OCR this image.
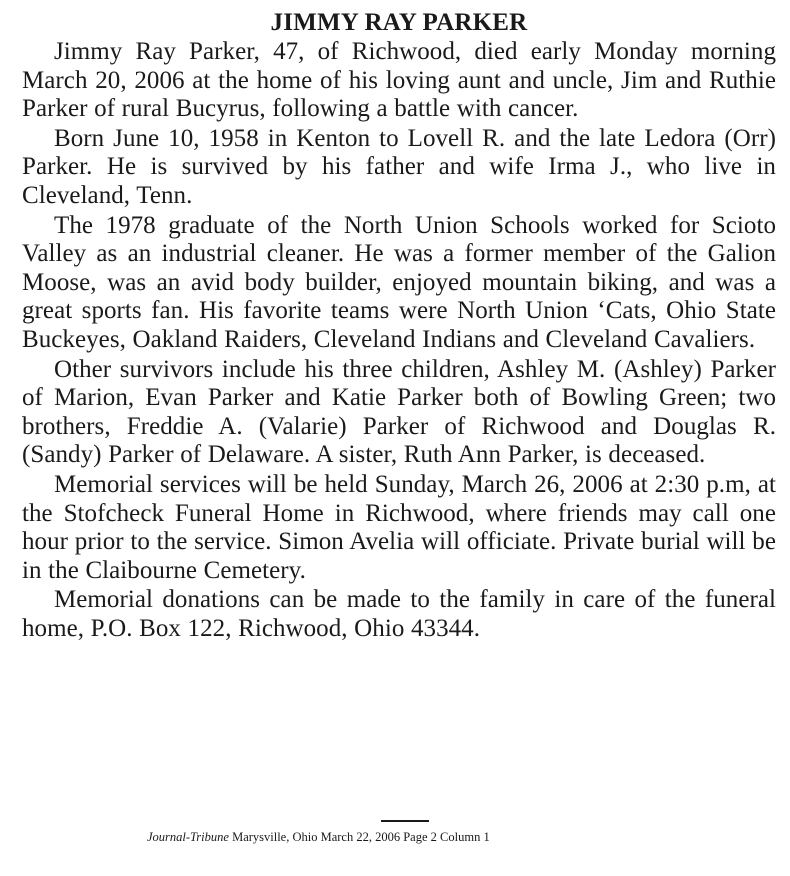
JIMMY RAY PARKER

Jimmy Ray Parker, 47, of Richwood, died early Monday morning March 20, 2006 at the home of his loving aunt and uncle, Jim and Ruthie Parker of rural Bucyrus, following a battle with cancer.

Born June 10, 1958 in Kenton to Lovell R. and the late Ledora (Orr) Parker. He is survived by his father and wife Irma J., who live in Cleveland, Tenn.

The 1978 graduate of the North Union Schools worked for Scioto Valley as an industrial cleaner. He was a former member of the Galion Moose, was an avid body builder, enjoyed mountain biking, and was a great sports fan. His favorite teams were North Union ‘Cats, Ohio State Buckeyes, Oakland Raiders, Cleveland Indians and Cleveland Cavaliers.

Other survivors include his three children, Ashley M. (Ashley) Parker of Marion, Evan Parker and Katie Parker both of Bowling Green; two brothers, Freddie A. (Valarie) Parker of Richwood and Douglas R. (Sandy) Parker of Delaware. A sister, Ruth Ann Parker, is deceased.

Memorial services will be held Sunday, March 26, 2006 at 2:30 p.m, at the Stofcheck Funeral Home in Richwood, where friends may call one hour prior to the service. Simon Avelia will officiate. Private burial will be in the Claibourne Cemetery.

Memorial donations can be made to the family in care of the funeral home, P.O. Box 122, Richwood, Ohio 43344.

Journal-Tribune Marysville, Ohio March 22, 2006 Page 2 Column 1
